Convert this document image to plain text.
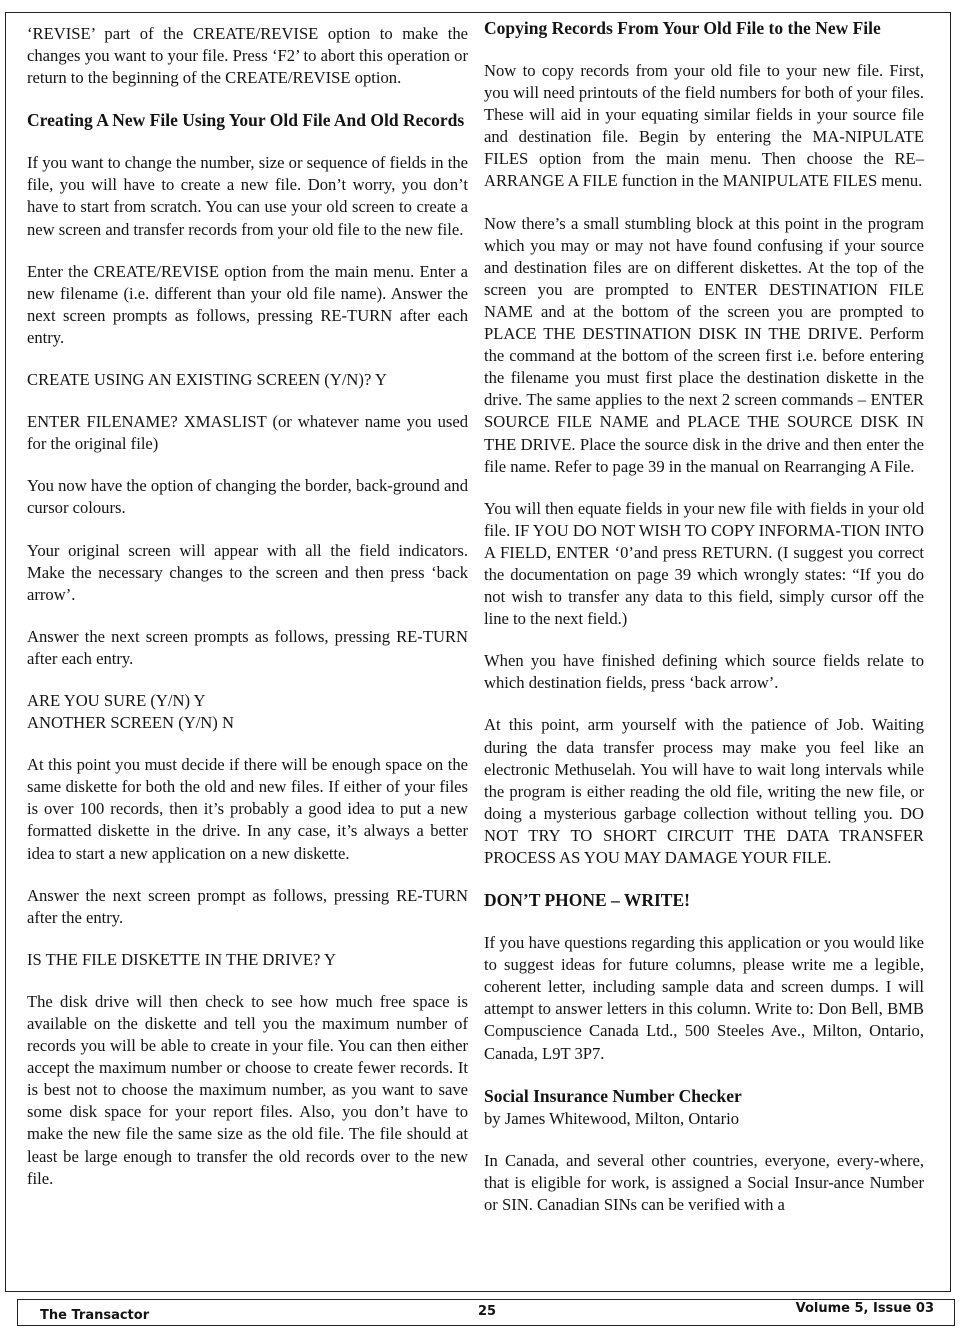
‘REVISE’ part of the CREATE/REVISE option to make the changes you want to your file. Press ‘F2’ to abort this operation or return to the beginning of the CREATE/REVISE option.

Creating A New File Using Your Old File And Old Records

If you want to change the number, size or sequence of fields in the file, you will have to create a new file. Don’t worry, you don’t have to start from scratch. You can use your old screen to create a new screen and transfer records from your old file to the new file.

Enter the CREATE/REVISE option from the main menu. Enter a new filename (i.e. different than your old file name). Answer the next screen prompts as follows, pressing RE-TURN after each entry.

CREATE USING AN EXISTING SCREEN (Y/N)? Y

ENTER FILENAME? XMASLIST (or whatever name you used for the original file)

You now have the option of changing the border, back-ground and cursor colours.

Your original screen will appear with all the field indicators. Make the necessary changes to the screen and then press ‘back arrow’.

Answer the next screen prompts as follows, pressing RE-TURN after each entry.

ARE YOU SURE (Y/N) Y

ANOTHER SCREEN (Y/N) N

At this point you must decide if there will be enough space on the same diskette for both the old and new files. If either of your files is over 100 records, then it’s probably a good idea to put a new formatted diskette in the drive. In any case, it’s always a better idea to start a new application on a new diskette.

Answer the next screen prompt as follows, pressing RE-TURN after the entry.

IS THE FILE DISKETTE IN THE DRIVE? Y

The disk drive will then check to see how much free space is available on the diskette and tell you the maximum number of records you will be able to create in your file. You can then either accept the maximum number or choose to create fewer records. It is best not to choose the maximum number, as you want to save some disk space for your report files. Also, you don’t have to make the new file the same size as the old file. The file should at least be large enough to transfer the old records over to the new file.

Copying Records From Your Old File to the New File

Now to copy records from your old file to your new file. First, you will need printouts of the field numbers for both of your files. These will aid in your equating similar fields in your source file and destination file. Begin by entering the MA-NIPULATE FILES option from the main menu. Then choose the RE–ARRANGE A FILE function in the MANIPULATE FILES menu.

Now there’s a small stumbling block at this point in the program which you may or may not have found confusing if your source and destination files are on different diskettes. At the top of the screen you are prompted to ENTER DESTINATION FILE NAME and at the bottom of the screen you are prompted to PLACE THE DESTINATION DISK IN THE DRIVE. Perform the command at the bottom of the screen first i.e. before entering the filename you must first place the destination diskette in the drive. The same applies to the next 2 screen commands – ENTER SOURCE FILE NAME and PLACE THE SOURCE DISK IN THE DRIVE. Place the source disk in the drive and then enter the file name. Refer to page 39 in the manual on Rearranging A File.

You will then equate fields in your new file with fields in your old file. IF YOU DO NOT WISH TO COPY INFORMA-TION INTO A FIELD, ENTER ‘0’and press RETURN. (I suggest you correct the documentation on page 39 which wrongly states: “If you do not wish to transfer any data to this field, simply cursor off the line to the next field.)

When you have finished defining which source fields relate to which destination fields, press ‘back arrow’.

At this point, arm yourself with the patience of Job. Waiting during the data transfer process may make you feel like an electronic Methuselah. You will have to wait long intervals while the program is either reading the old file, writing the new file, or doing a mysterious garbage collection without telling you. DO NOT TRY TO SHORT CIRCUIT THE DATA TRANSFER PROCESS AS YOU MAY DAMAGE YOUR FILE.

DON’T PHONE – WRITE!

If you have questions regarding this application or you would like to suggest ideas for future columns, please write me a legible, coherent letter, including sample data and screen dumps. I will attempt to answer letters in this column. Write to: Don Bell, BMB Compuscience Canada Ltd., 500 Steeles Ave., Milton, Ontario, Canada, L9T 3P7.

Social Insurance Number Checker
by James Whitewood, Milton, Ontario

In Canada, and several other countries, everyone, every-where, that is eligible for work, is assigned a Social Insur-ance Number or SIN. Canadian SINs can be verified with a

The Transactor	25	Volume 5, Issue 03
